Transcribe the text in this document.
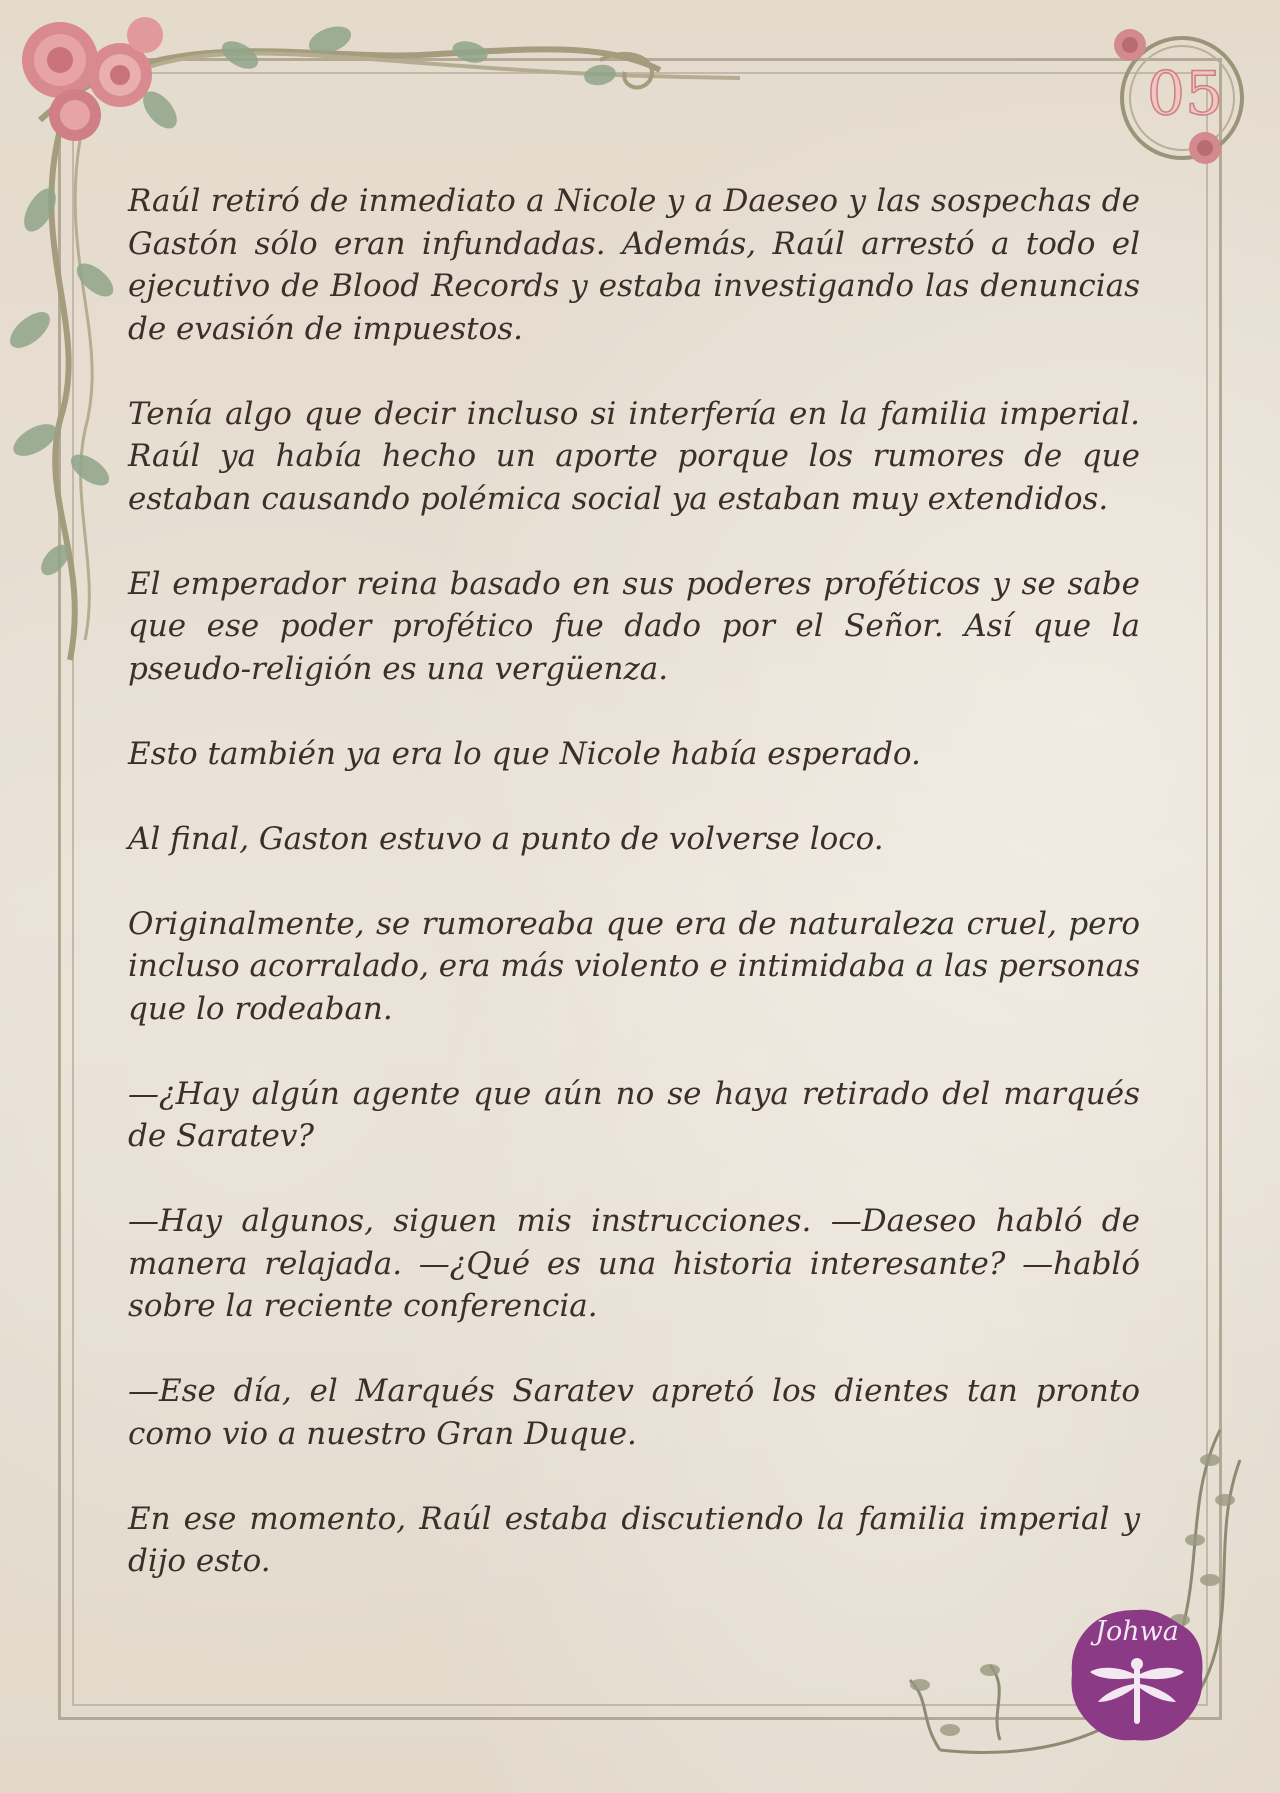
05

Raúl retiró de inmediato a Nicole y a Daeseo y las sospechas de Gastón sólo eran infundadas. Además, Raúl arrestó a todo el ejecutivo de Blood Records y estaba investigando las denuncias de evasión de impuestos.

Tenía algo que decir incluso si interfería en la familia imperial. Raúl ya había hecho un aporte porque los rumores de que estaban causando polémica social ya estaban muy extendidos.

El emperador reina basado en sus poderes proféticos y se sabe que ese poder profético fue dado por el Señor. Así que la pseudo-religión es una vergüenza.

Esto también ya era lo que Nicole había esperado.

Al final, Gaston estuvo a punto de volverse loco.

Originalmente, se rumoreaba que era de naturaleza cruel, pero incluso acorralado, era más violento e intimidaba a las personas que lo rodeaban.

—¿Hay algún agente que aún no se haya retirado del marqués de Saratev?

—Hay algunos, siguen mis instrucciones. —Daeseo habló de manera relajada. —¿Qué es una historia interesante? —habló sobre la reciente conferencia.

—Ese día, el Marqués Saratev apretó los dientes tan pronto como vio a nuestro Gran Duque.

En ese momento, Raúl estaba discutiendo la familia imperial y dijo esto.

Johwa
